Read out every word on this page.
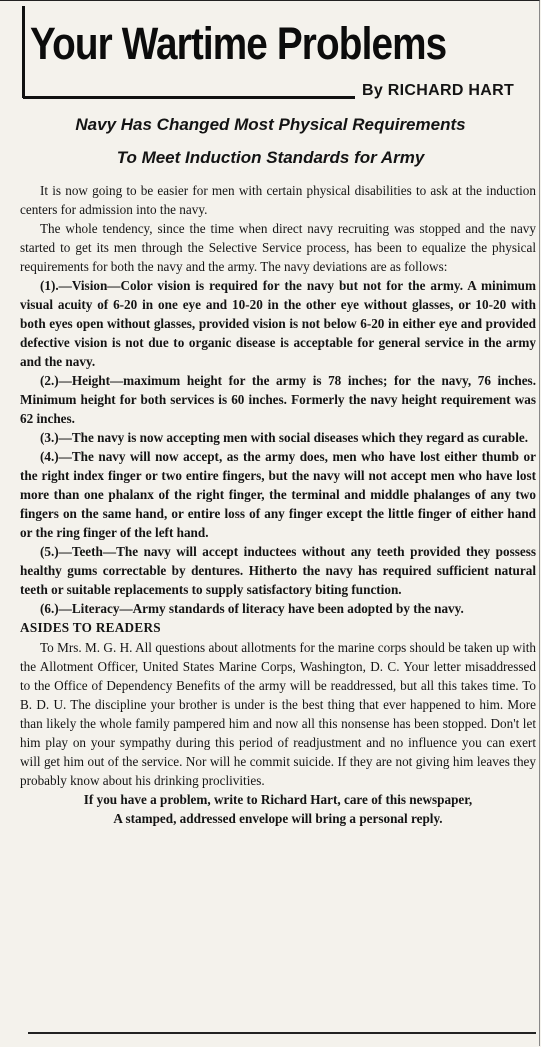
Your Wartime Problems
By RICHARD HART
Navy Has Changed Most Physical Requirements
To Meet Induction Standards for Army

It is now going to be easier for men with certain physical disabilities to ask at the induction centers for admission into the navy.

The whole tendency, since the time when direct navy recruiting was stopped and the navy started to get its men through the Selective Service process, has been to equalize the physical requirements for both the navy and the army. The navy deviations are as follows:

(1).—Vision—Color vision is required for the navy but not for the army. A minimum visual acuity of 6-20 in one eye and 10-20 in the other eye without glasses, or 10-20 with both eyes open without glasses, provided vision is not below 6-20 in either eye and provided defective vision is not due to organic disease is acceptable for general service in the army and the navy.

(2.)—Height—maximum height for the army is 78 inches; for the navy, 76 inches. Minimum height for both services is 60 inches. Formerly the navy height requirement was 62 inches.

(3.)—The navy is now accepting men with social diseases which they regard as curable.

(4.)—The navy will now accept, as the army does, men who have lost either thumb or the right index finger or two entire fingers, but the navy will not accept men who have lost more than one phalanx of the right finger, the terminal and middle phalanges of any two fingers on the same hand, or entire loss of any finger except the little finger of either hand or the ring finger of the left hand.

(5.)—Teeth—The navy will accept inductees without any teeth provided they possess healthy gums correctable by dentures. Hitherto the navy has required sufficient natural teeth or suitable replacements to supply satisfactory biting function.

(6.)—Literacy—Army standards of literacy have been adopted by the navy.

ASIDES TO READERS

To Mrs. M. G. H. All questions about allotments for the marine corps should be taken up with the Allotment Officer, United States Marine Corps, Washington, D. C. Your letter misaddressed to the Office of Dependency Benefits of the army will be readdressed, but all this takes time. To B. D. U. The discipline your brother is under is the best thing that ever happened to him. More than likely the whole family pampered him and now all this nonsense has been stopped. Don't let him play on your sympathy during this period of readjustment and no influence you can exert will get him out of the service. Nor will he commit suicide. If they are not giving him leaves they probably know about his drinking proclivities.

If you have a problem, write to Richard Hart, care of this newspaper,

A stamped, addressed envelope will bring a personal reply.
